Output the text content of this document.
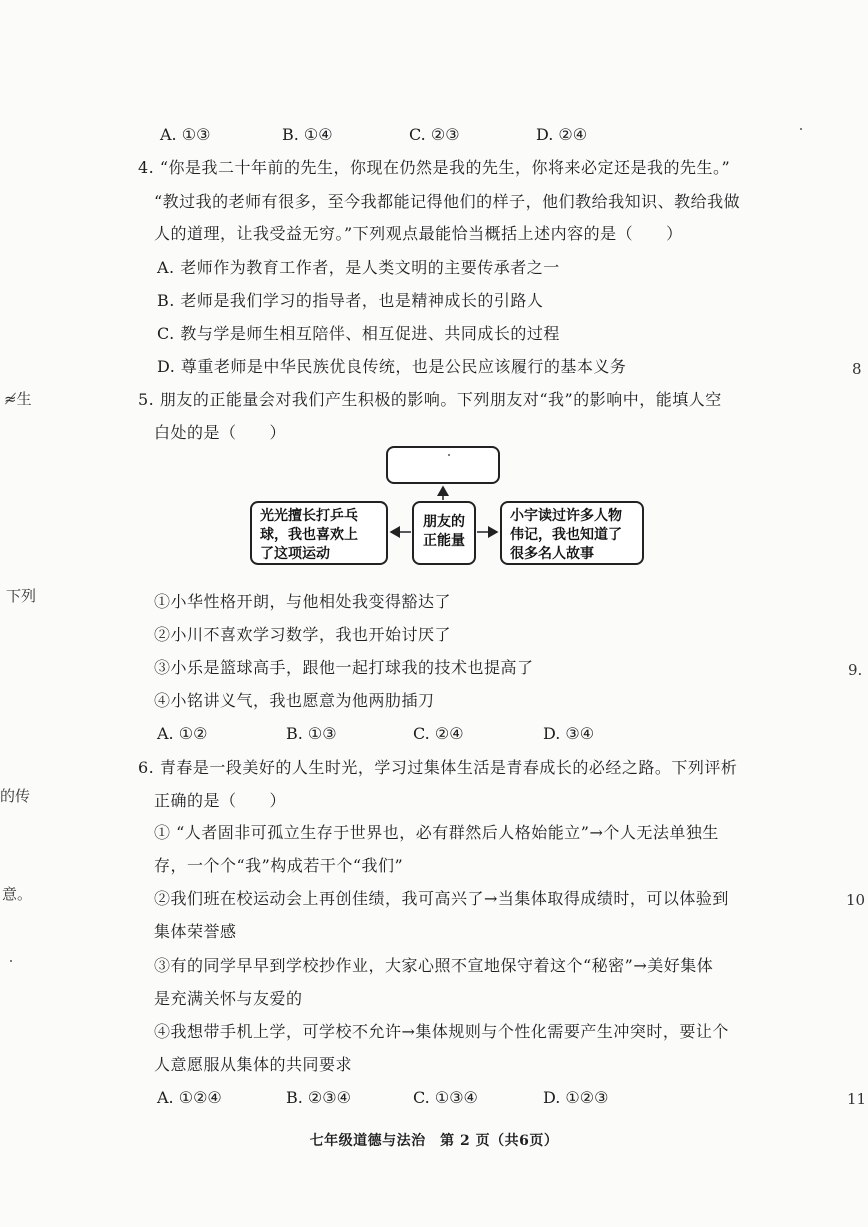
A. ①③	B. ①④	C. ②③	D. ②④
4. “你是我二十年前的先生，你现在仍然是我的先生，你将来必定还是我的先生。”
“教过我的老师有很多，至今我都能记得他们的样子，他们教给我知识、教给我做
人的道理，让我受益无穷。”下列观点最能恰当概括上述内容的是（　　）
A. 老师作为教育工作者，是人类文明的主要传承者之一
B. 老师是我们学习的指导者，也是精神成长的引路人
C. 教与学是师生相互陪伴、相互促进、共同成长的过程
D. 尊重老师是中华民族优良传统，也是公民应该履行的基本义务
5. 朋友的正能量会对我们产生积极的影响。下列朋友对“我”的影响中，能填人空
白处的是（　　）
光光擅长打乒乓
球，我也喜欢上
了这项运动
朋友的
正能量
小宇读过许多人物
伟记，我也知道了
很多名人故事
①小华性格开朗，与他相处我变得豁达了
②小川不喜欢学习数学，我也开始讨厌了
③小乐是篮球高手，跟他一起打球我的技术也提高了
④小铭讲义气，我也愿意为他两肋插刀
A. ①②	B. ①③	C. ②④	D. ③④
6. 青春是一段美好的人生时光，学习过集体生活是青春成长的必经之路。下列评析
正确的是（　　）
① “人者固非可孤立生存于世界也，必有群然后人格始能立”→个人无法单独生
存，一个个“我”构成若干个“我们”
②我们班在校运动会上再创佳绩，我可高兴了→当集体取得成绩时，可以体验到
集体荣誉感
③有的同学早早到学校抄作业，大家心照不宣地保守着这个“秘密”→美好集体
是充满关怀与友爱的
④我想带手机上学，可学校不允许→集体规则与个性化需要产生冲突时，要让个
人意愿服从集体的共同要求
A. ①②④	B. ②③④	C. ①③④	D. ①②③
七年级道德与法治　第 2 页（共6页）
≉生
下列
的传
意。
8
9.
10
11
